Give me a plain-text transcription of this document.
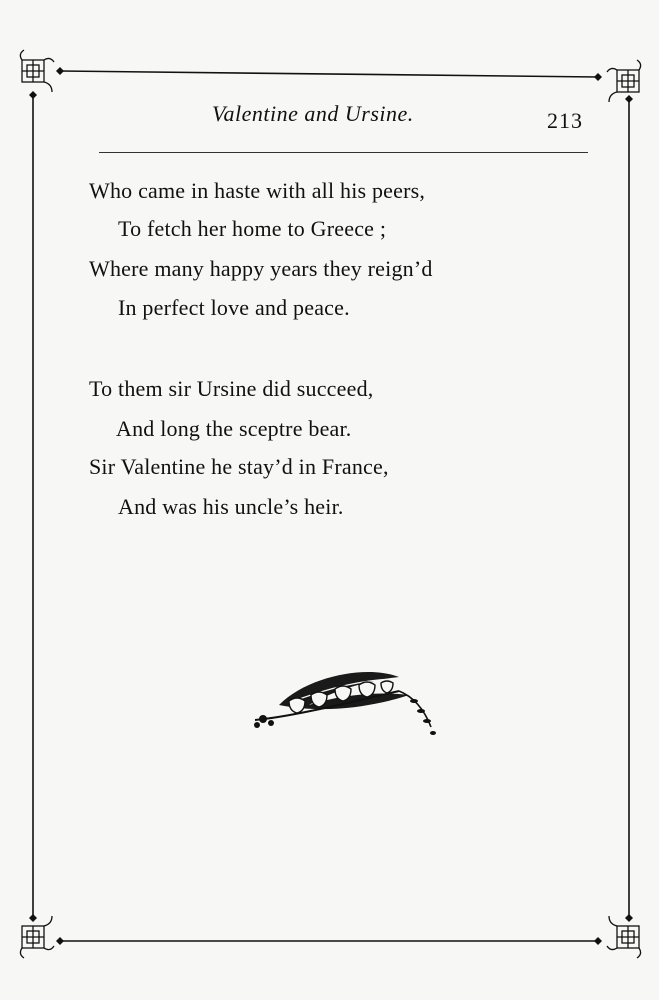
Valentine and Ursine.	213
Who came in haste with all his peers,
To fetch her home to Greece ;
Where many happy years they reign’d
In perfect love and peace.
To them sir Ursine did succeed,
And long the sceptre bear.
Sir Valentine he stay’d in France,
And was his uncle’s heir.
